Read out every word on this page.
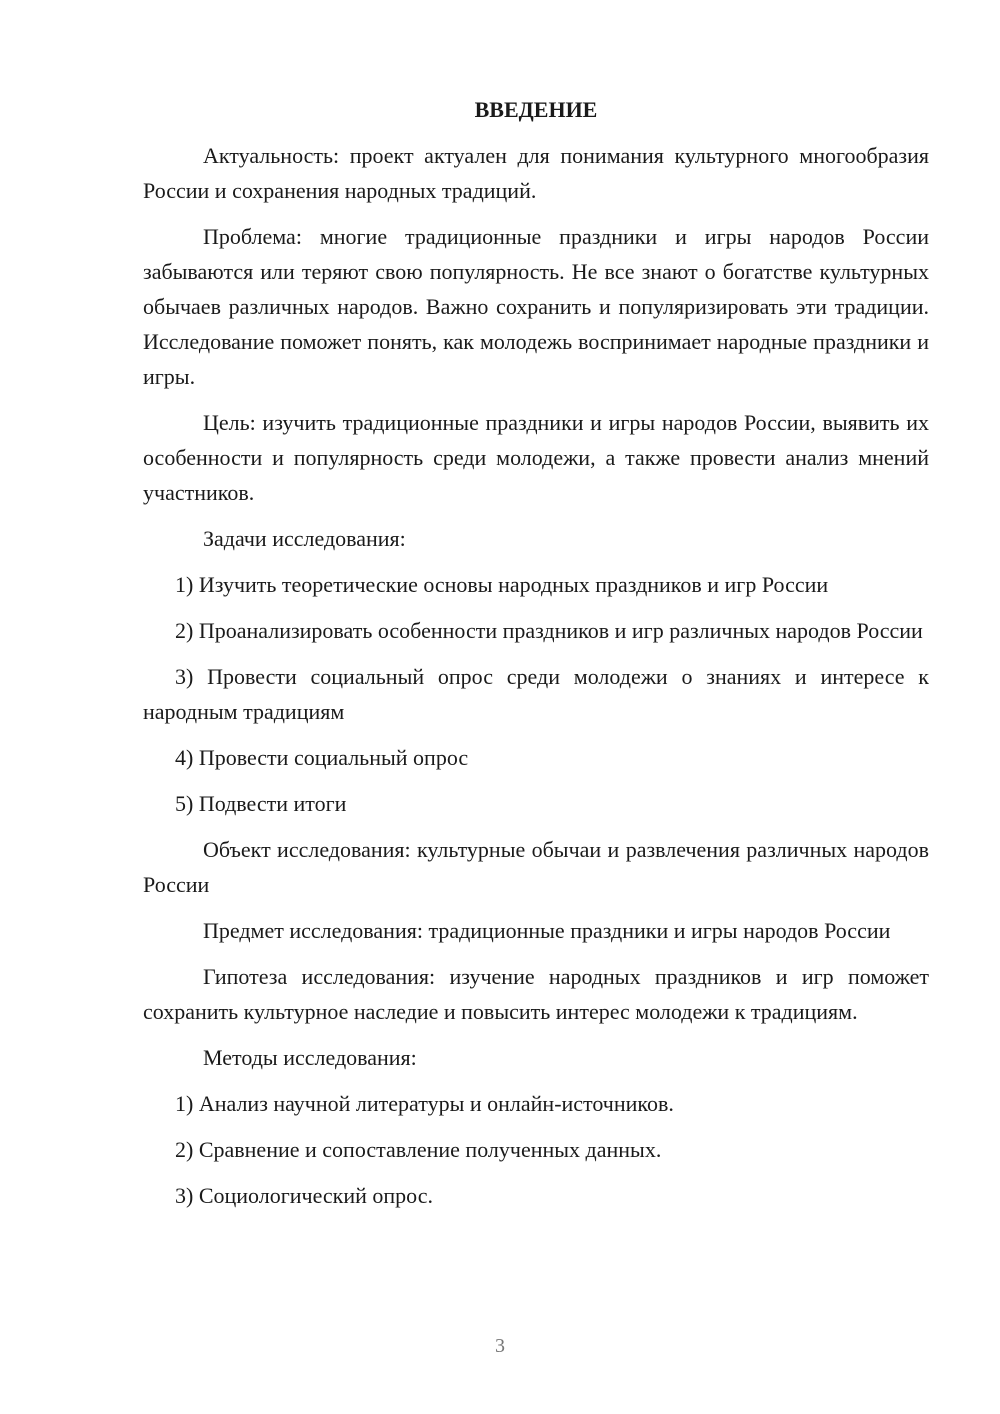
ВВЕДЕНИЕ

Актуальность: проект актуален для понимания культурного многообразия России и сохранения народных традиций.

Проблема: многие традиционные праздники и игры народов России забываются или теряют свою популярность. Не все знают о богатстве культурных обычаев различных народов. Важно сохранить и популяризировать эти традиции. Исследование поможет понять, как молодежь воспринимает народные праздники и игры.

Цель: изучить традиционные праздники и игры народов России, выявить их особенности и популярность среди молодежи, а также провести анализ мнений участников.

Задачи исследования:

1) Изучить теоретические основы народных праздников и игр России

2) Проанализировать особенности праздников и игр различных народов России

3) Провести социальный опрос среди молодежи о знаниях и интересе к народным традициям

4) Провести социальный опрос

5) Подвести итоги

Объект исследования: культурные обычаи и развлечения различных народов России

Предмет исследования: традиционные праздники и игры народов России

Гипотеза исследования: изучение народных праздников и игр поможет сохранить культурное наследие и повысить интерес молодежи к традициям.

Методы исследования:

1) Анализ научной литературы и онлайн-источников.

2) Сравнение и сопоставление полученных данных.

3) Социологический опрос.

3
